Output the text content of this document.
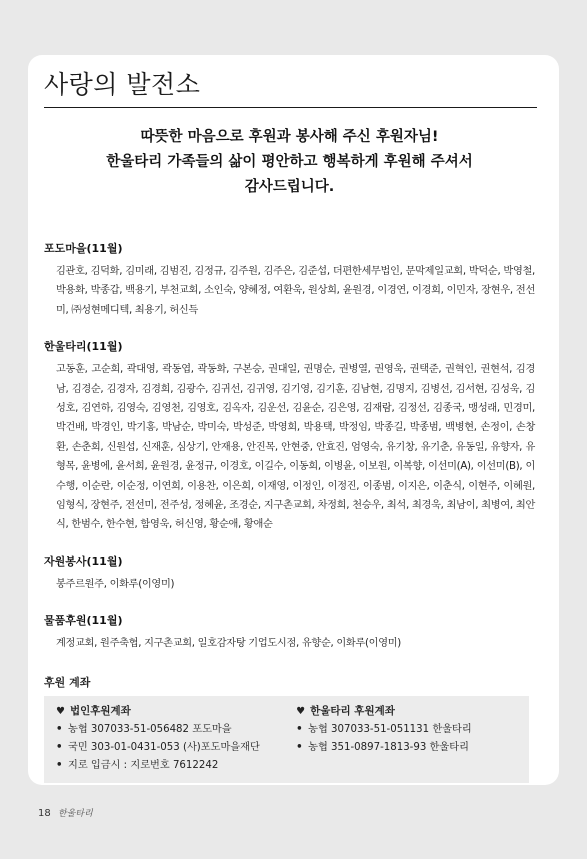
사랑의 발전소
따뜻한 마음으로 후원과 봉사해 주신 후원자님!
한울타리 가족들의 삶이 평안하고 행복하게 후원해 주셔서
감사드립니다.
포도마을(11월)
김관호, 김덕화, 김미래, 김범진, 김정규, 김주원, 김주은, 김준섭, 더편한세무법인, 문막제일교회, 박덕순, 박영철, 박용화, 박종갑, 백용기, 부천교회, 소인숙, 양혜정, 여환욱, 원상희, 윤원경, 이경연, 이경희, 이민자, 장현우, 전선미, ㈜성현메디텍, 최용기, 허신득
한울타리(11월)
고동훈, 고순희, 곽대영, 곽동엽, 곽동화, 구본승, 권대일, 권명순, 권병열, 권영욱, 권택준, 권혁인, 권현석, 김경남, 김경순, 김경자, 김경희, 김광수, 김귀선, 김귀영, 김기영, 김기훈, 김남현, 김명지, 김병선, 김서현, 김성욱, 김성호, 김연하, 김영숙, 김영천, 김영호, 김옥자, 김운선, 김윤순, 김은영, 김재람, 김정선, 김종국, 맹성래, 민경미, 박건배, 박경인, 박기홍, 박남순, 박미숙, 박성준, 박영희, 박용택, 박정임, 박종길, 박종범, 백병현, 손정이, 손창환, 손춘희, 신원섭, 신재훈, 심상기, 안재용, 안진목, 안현중, 안효진, 엄영숙, 유기창, 유기춘, 유동일, 유향자, 유형목, 윤병에, 윤서희, 윤원경, 윤정규, 이경호, 이길수, 이동희, 이병윤, 이보원, 이복향, 이선미(A), 이선미(B), 이수행, 이순란, 이순정, 이연희, 이용찬, 이은희, 이재영, 이정인, 이정진, 이종범, 이지은, 이춘식, 이현주, 이혜원, 임형식, 장현주, 전선미, 전주성, 정혜윤, 조경순, 지구촌교회, 차정희, 천승우, 최석, 최경욱, 최남이, 최병여, 최안식, 한범수, 한수현, 함영욱, 허신영, 황순애, 황애순
자원봉사(11월)
봉주르원주, 이화루(이영미)
물품후원(11월)
계정교회, 원주축협, 지구촌교회, 일호감자탕 기업도시점, 유향순, 이화루(이영미)
후원 계좌
♥ 법인후원계좌
• 농협 307033-51-056482 포도마을
• 국민 303-01-0431-053 (사)포도마을재단
• 지로 입금시 : 지로번호 7612242
♥ 한울타리 후원계좌
• 농협 307033-51-051131 한울타리
• 농협 351-0897-1813-93 한울타리
18 한울타리
